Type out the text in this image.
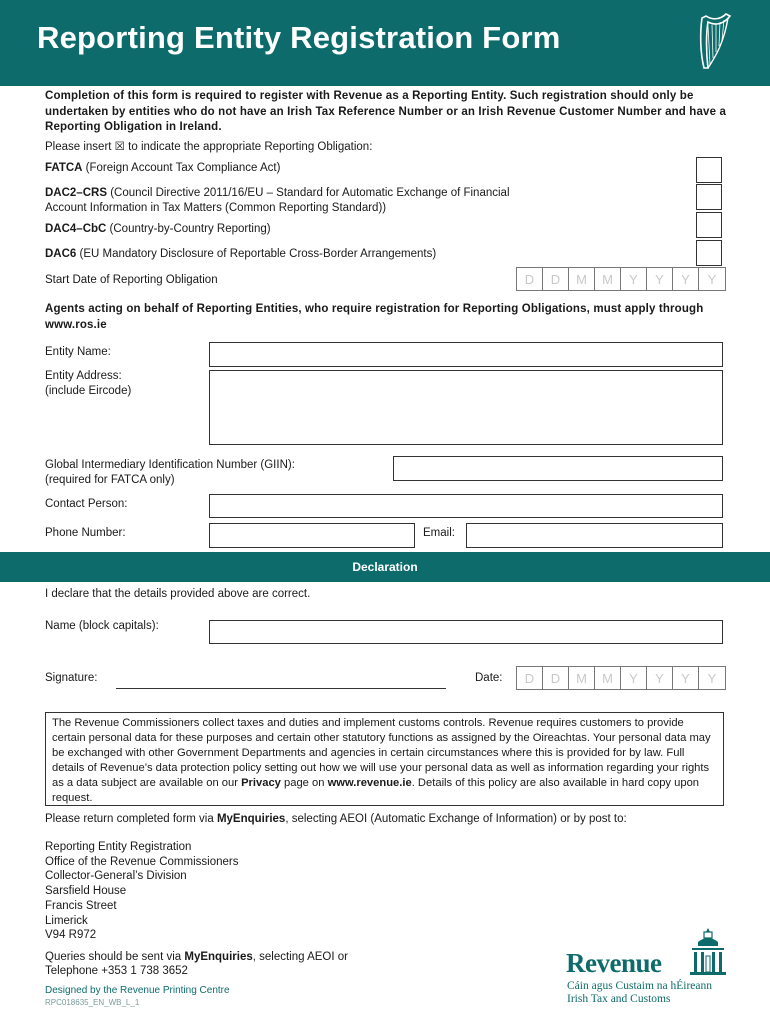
Reporting Entity Registration Form
Completion of this form is required to register with Revenue as a Reporting Entity. Such registration should only be undertaken by entities who do not have an Irish Tax Reference Number or an Irish Revenue Customer Number and have a Reporting Obligation in Ireland.
Please insert ☒ to indicate the appropriate Reporting Obligation:
FATCA (Foreign Account Tax Compliance Act)
DAC2–CRS (Council Directive 2011/16/EU – Standard for Automatic Exchange of Financial
Account Information in Tax Matters (Common Reporting Standard))
DAC4–CbC (Country-by-Country Reporting)
DAC6 (EU Mandatory Disclosure of Reportable Cross-Border Arrangements)
Start Date of Reporting Obligation	D	D	M	M	Y	Y	Y	Y
Agents acting on behalf of Reporting Entities, who require registration for Reporting Obligations, must apply through www.ros.ie
Entity Name:
Entity Address:
(include Eircode)
Global Intermediary Identification Number (GIIN):
(required for FATCA only)
Contact Person:
Phone Number:	Email:
Declaration
I declare that the details provided above are correct.
Name (block capitals):
Signature:	Date:	D	D	M	M	Y	Y	Y	Y
The Revenue Commissioners collect taxes and duties and implement customs controls. Revenue requires customers to provide certain personal data for these purposes and certain other statutory functions as assigned by the Oireachtas. Your personal data may be exchanged with other Government Departments and agencies in certain circumstances where this is provided for by law. Full details of Revenue’s data protection policy setting out how we will use your personal data as well as information regarding your rights as a data subject are available on our Privacy page on www.revenue.ie. Details of this policy are also available in hard copy upon request.
Please return completed form via MyEnquiries, selecting AEOI (Automatic Exchange of Information) or by post to:
Reporting Entity Registration
Office of the Revenue Commissioners
Collector-General’s Division
Sarsfield House
Francis Street
Limerick
V94 R972
Queries should be sent via MyEnquiries, selecting AEOI or
Telephone +353 1 738 3652
Designed by the Revenue Printing Centre
RPC018635_EN_WB_L_1
Revenue
Cáin agus Custaim na hÉireann
Irish Tax and Customs
